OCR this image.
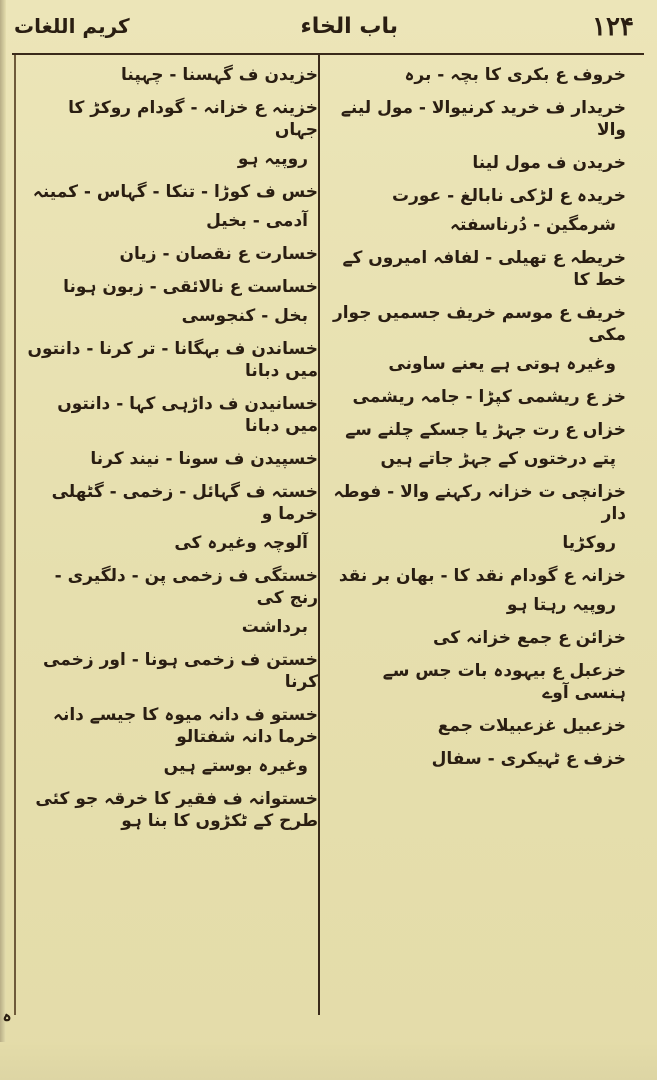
۱۲۴
باب الخاء
کریم اللغات
ہ
خروف ع بکری کا بچہ - برہ
خریدار ف خرید کرنیوالا - مول لینے والا
خریدن ف مول لینا
خریدہ ع لڑکی نابالغ - عورت
شرمگین - دُرناسفتہ
خریطہ ع تھیلی - لفافہ امیروں کے خط کا
خریف ع موسم خریف جسمیں جوار مکی
وغیرہ ہوتی ہے یعنے ساونی
خز ع ریشمی کپڑا - جامہ ریشمی
خزاں ع رت جہڑ یا جسکے چلنے سے
پتے درختوں کے جہڑ جاتے ہیں
خزانچی ت خزانہ رکہنے والا - فوطہ دار
روکڑیا
خزانہ ع گودام نقد کا - بھان بر نقد
روپیہ رہتا ہو
خزائن ع جمع خزانہ کی
خزعبل ع بیہودہ بات جس سے ہنسی آوے
خزعبیل غزعبیلات جمع
خزف ع ٹہیکری - سفال
خزیدن ف گہسنا - چہپنا
خزینہ ع خزانہ - گودام روکڑ کا جہاں
روپیہ ہو
خس ف کوڑا - تنکا - گہاس - کمینہ
آدمی - بخیل
خسارت ع نقصان - زیان
خساست ع نالائقی - زبون ہونا
بخل - کنجوسی
خساندن ف بہگانا - تر کرنا - دانتوں میں دبانا
خسانیدن ف داڑہی کہا - دانتوں میں دبانا
خسپیدن ف سونا - نیند کرنا
خستہ ف گہائل - زخمی - گٹھلی خرما و
آلوچہ وغیرہ کی
خستگی ف زخمی پن - دلگیری - رنج کی
برداشت
خستن ف زخمی ہونا - اور زخمی کرنا
خستو ف دانہ میوہ کا جیسے دانہ خرما دانہ شفتالو
وغیرہ بوستے ہیں
خستوانہ ف فقیر کا خرقہ جو کئی طرح کے ٹکڑوں کا بنا ہو
